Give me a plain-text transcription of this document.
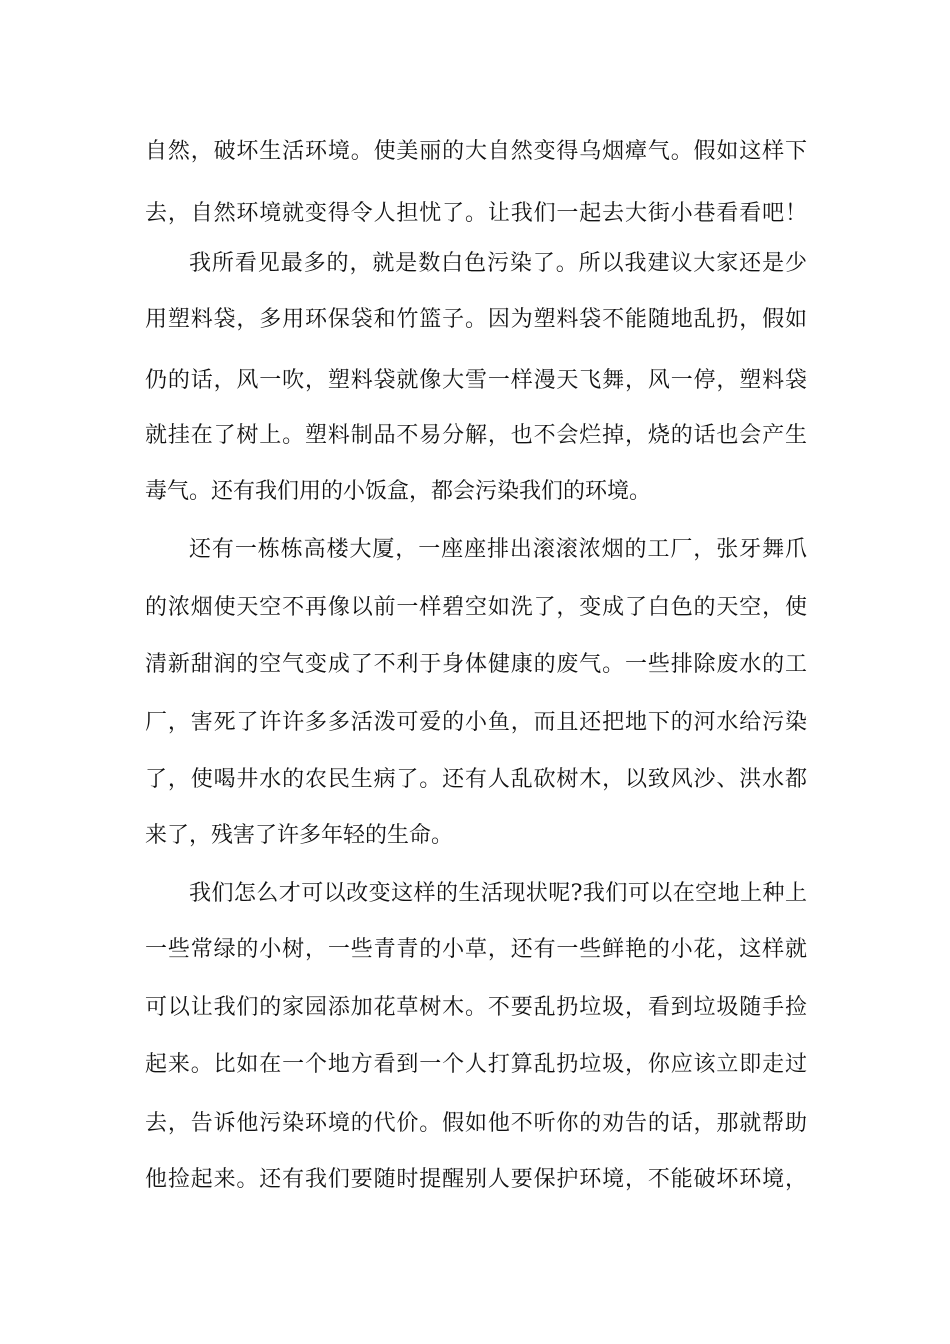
自然，破坏生活环境。使美丽的大自然变得乌烟瘴气。假如这样下
去，自然环境就变得令人担忧了。让我们一起去大街小巷看看吧！
我所看见最多的，就是数白色污染了。所以我建议大家还是少
用塑料袋，多用环保袋和竹篮子。因为塑料袋不能随地乱扔，假如
仍的话，风一吹，塑料袋就像大雪一样漫天飞舞，风一停，塑料袋
就挂在了树上。塑料制品不易分解，也不会烂掉，烧的话也会产生
毒气。还有我们用的小饭盒，都会污染我们的环境。
还有一栋栋高楼大厦，一座座排出滚滚浓烟的工厂，张牙舞爪
的浓烟使天空不再像以前一样碧空如洗了，变成了白色的天空，使
清新甜润的空气变成了不利于身体健康的废气。一些排除废水的工
厂，害死了许许多多活泼可爱的小鱼，而且还把地下的河水给污染
了，使喝井水的农民生病了。还有人乱砍树木，以致风沙、洪水都
来了，残害了许多年轻的生命。
我们怎么才可以改变这样的生活现状呢?我们可以在空地上种上
一些常绿的小树，一些青青的小草，还有一些鲜艳的小花，这样就
可以让我们的家园添加花草树木。不要乱扔垃圾，看到垃圾随手捡
起来。比如在一个地方看到一个人打算乱扔垃圾，你应该立即走过
去，告诉他污染环境的代价。假如他不听你的劝告的话，那就帮助
他捡起来。还有我们要随时提醒别人要保护环境，不能破坏环境，
